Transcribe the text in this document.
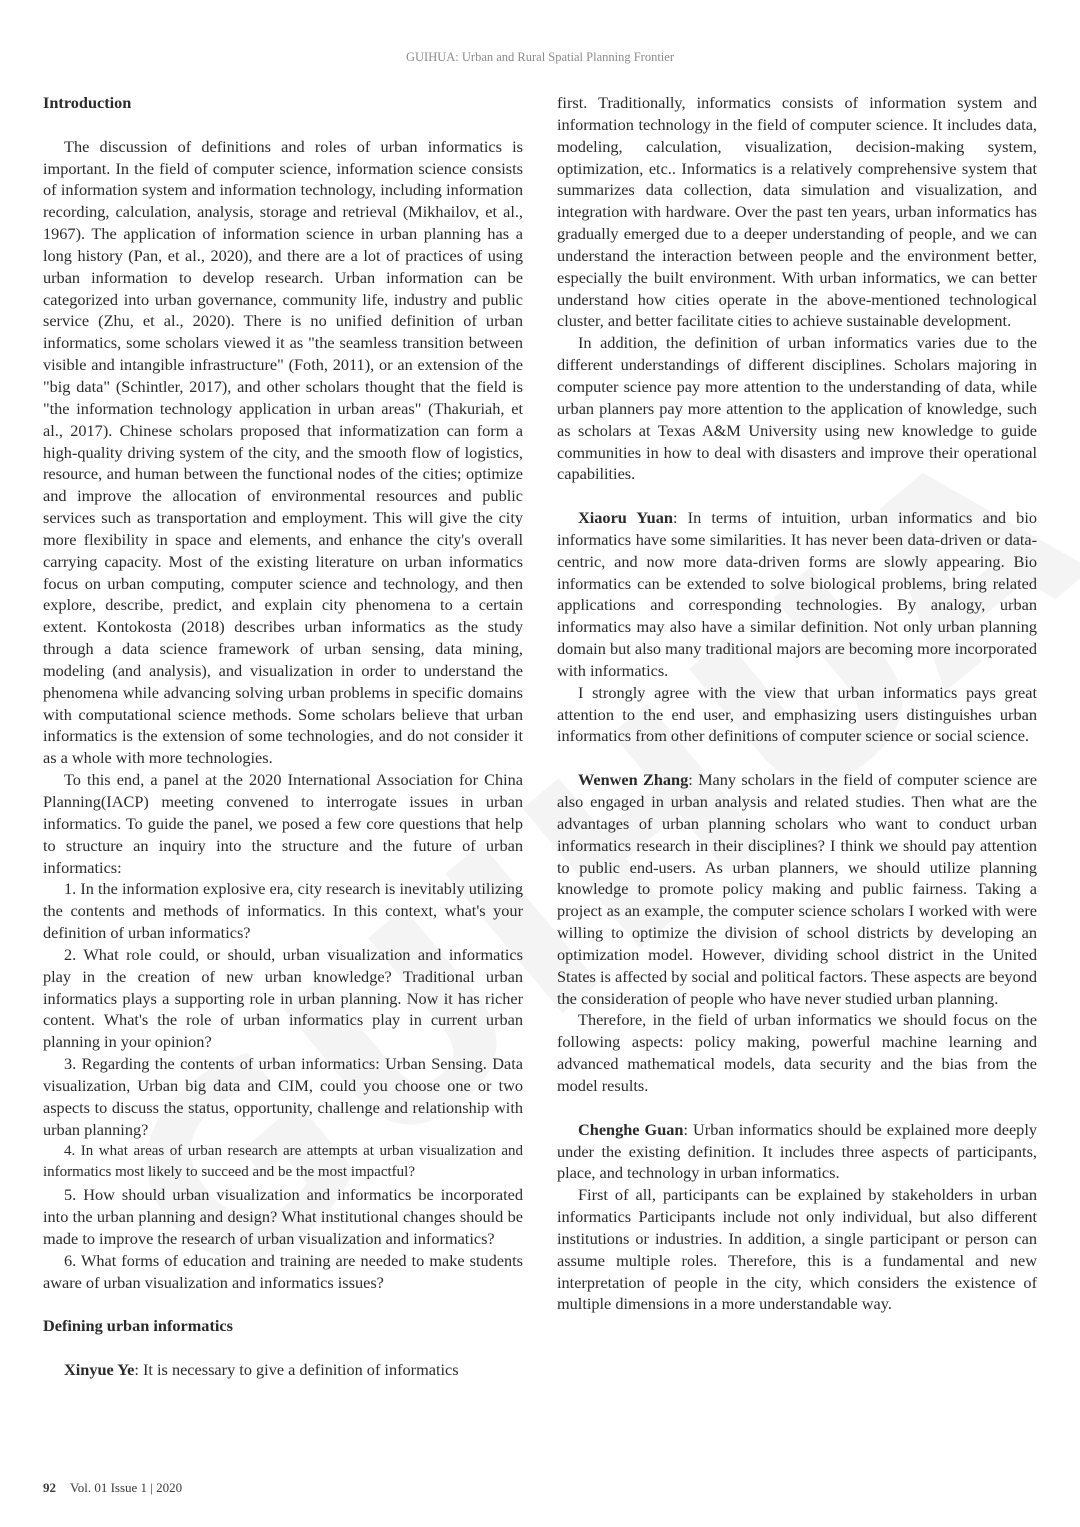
GUIHUA: Urban and Rural Spatial Planning Frontier

Introduction

The discussion of definitions and roles of urban informatics is important. In the field of computer science, information science consists of information system and information technology, including information recording, calculation, analysis, storage and retrieval (Mikhailov, et al., 1967). The application of information science in urban planning has a long history (Pan, et al., 2020), and there are a lot of practices of using urban information to develop research. Urban information can be categorized into urban governance, community life, industry and public service (Zhu, et al., 2020). There is no unified definition of urban informatics, some scholars viewed it as "the seamless transition between visible and intangible infrastructure" (Foth, 2011), or an extension of the "big data" (Schintler, 2017), and other scholars thought that the field is "the information technology application in urban areas" (Thakuriah, et al., 2017). Chinese scholars proposed that informatization can form a high-quality driving system of the city, and the smooth flow of logistics, resource, and human between the functional nodes of the cities; optimize and improve the allocation of environmental resources and public services such as transportation and employment. This will give the city more flexibility in space and elements, and enhance the city's overall carrying capacity. Most of the existing literature on urban informatics focus on urban computing, computer science and technology, and then explore, describe, predict, and explain city phenomena to a certain extent. Kontokosta (2018) describes urban informatics as the study through a data science framework of urban sensing, data mining, modeling (and analysis), and visualization in order to understand the phenomena while advancing solving urban problems in specific domains with computational science methods. Some scholars believe that urban informatics is the extension of some technologies, and do not consider it as a whole with more technologies.

To this end, a panel at the 2020 International Association for China Planning(IACP) meeting convened to interrogate issues in urban informatics. To guide the panel, we posed a few core questions that help to structure an inquiry into the structure and the future of urban informatics:

1. In the information explosive era, city research is inevitably utilizing the contents and methods of informatics. In this context, what's your definition of urban informatics?

2. What role could, or should, urban visualization and informatics play in the creation of new urban knowledge? Traditional urban informatics plays a supporting role in urban planning. Now it has richer content. What's the role of urban informatics play in current urban planning in your opinion?

3. Regarding the contents of urban informatics: Urban Sensing. Data visualization, Urban big data and CIM, could you choose one or two aspects to discuss the status, opportunity, challenge and relationship with urban planning?

4. In what areas of urban research are attempts at urban visualization and informatics most likely to succeed and be the most impactful?

5. How should urban visualization and informatics be incorporated into the urban planning and design? What institutional changes should be made to improve the research of urban visualization and informatics?

6. What forms of education and training are needed to make students aware of urban visualization and informatics issues?

Defining urban informatics

Xinyue Ye: It is necessary to give a definition of informatics

first. Traditionally, informatics consists of information system and information technology in the field of computer science. It includes data, modeling, calculation, visualization, decision-making system, optimization, etc.. Informatics is a relatively comprehensive system that summarizes data collection, data simulation and visualization, and integration with hardware. Over the past ten years, urban informatics has gradually emerged due to a deeper understanding of people, and we can understand the interaction between people and the environment better, especially the built environment. With urban informatics, we can better understand how cities operate in the above-mentioned technological cluster, and better facilitate cities to achieve sustainable development.

In addition, the definition of urban informatics varies due to the different understandings of different disciplines. Scholars majoring in computer science pay more attention to the understanding of data, while urban planners pay more attention to the application of knowledge, such as scholars at Texas A&M University using new knowledge to guide communities in how to deal with disasters and improve their operational capabilities.

Xiaoru Yuan: In terms of intuition, urban informatics and bio informatics have some similarities. It has never been data-driven or data-centric, and now more data-driven forms are slowly appearing. Bio informatics can be extended to solve biological problems, bring related applications and corresponding technologies. By analogy, urban informatics may also have a similar definition. Not only urban planning domain but also many traditional majors are becoming more incorporated with informatics.

I strongly agree with the view that urban informatics pays great attention to the end user, and emphasizing users distinguishes urban informatics from other definitions of computer science or social science.

Wenwen Zhang: Many scholars in the field of computer science are also engaged in urban analysis and related studies. Then what are the advantages of urban planning scholars who want to conduct urban informatics research in their disciplines? I think we should pay attention to public end-users. As urban planners, we should utilize planning knowledge to promote policy making and public fairness. Taking a project as an example, the computer science scholars I worked with were willing to optimize the division of school districts by developing an optimization model. However, dividing school district in the United States is affected by social and political factors. These aspects are beyond the consideration of people who have never studied urban planning.

Therefore, in the field of urban informatics we should focus on the following aspects: policy making, powerful machine learning and advanced mathematical models, data security and the bias from the model results.

Chenghe Guan: Urban informatics should be explained more deeply under the existing definition. It includes three aspects of participants, place, and technology in urban informatics.

First of all, participants can be explained by stakeholders in urban informatics Participants include not only individual, but also different institutions or industries. In addition, a single participant or person can assume multiple roles. Therefore, this is a fundamental and new interpretation of people in the city, which considers the existence of multiple dimensions in a more understandable way.

92 Vol. 01 Issue 1 | 2020
